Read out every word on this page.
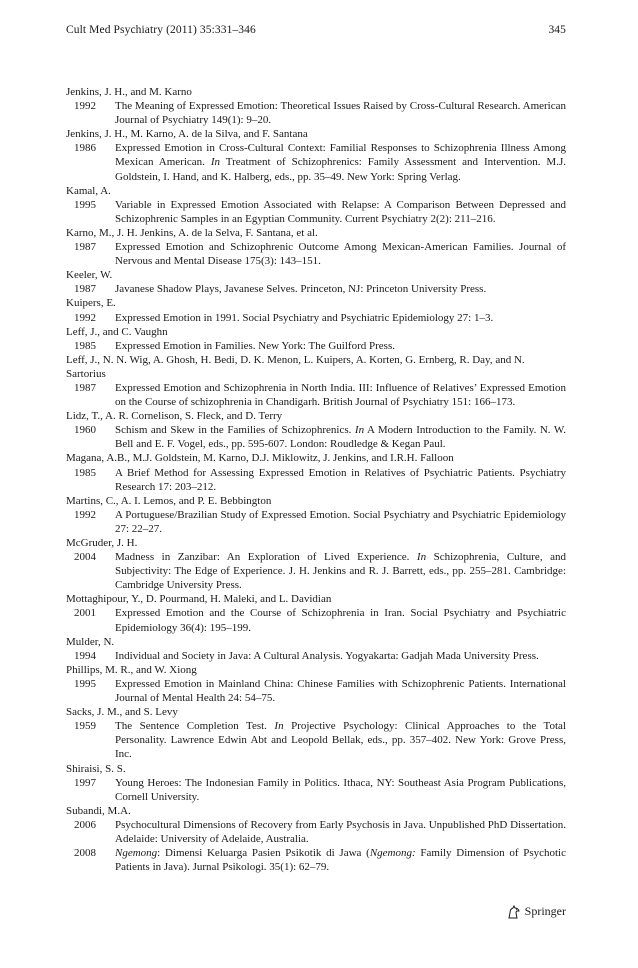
Cult Med Psychiatry (2011) 35:331–346	345
Jenkins, J. H., and M. Karno
1992 The Meaning of Expressed Emotion: Theoretical Issues Raised by Cross-Cultural Research. American Journal of Psychiatry 149(1): 9–20.
Jenkins, J. H., M. Karno, A. de la Silva, and F. Santana
1986 Expressed Emotion in Cross-Cultural Context: Familial Responses to Schizophrenia Illness Among Mexican American. In Treatment of Schizophrenics: Family Assessment and Intervention. M.J. Goldstein, I. Hand, and K. Halberg, eds., pp. 35–49. New York: Spring Verlag.
Kamal, A.
1995 Variable in Expressed Emotion Associated with Relapse: A Comparison Between Depressed and Schizophrenic Samples in an Egyptian Community. Current Psychiatry 2(2): 211–216.
Karno, M., J. H. Jenkins, A. de la Selva, F. Santana, et al.
1987 Expressed Emotion and Schizophrenic Outcome Among Mexican-American Families. Journal of Nervous and Mental Disease 175(3): 143–151.
Keeler, W.
1987 Javanese Shadow Plays, Javanese Selves. Princeton, NJ: Princeton University Press.
Kuipers, E.
1992 Expressed Emotion in 1991. Social Psychiatry and Psychiatric Epidemiology 27: 1–3.
Leff, J., and C. Vaughn
1985 Expressed Emotion in Families. New York: The Guilford Press.
Leff, J., N. N. Wig, A. Ghosh, H. Bedi, D. K. Menon, L. Kuipers, A. Korten, G. Ernberg, R. Day, and N. Sartorius
1987 Expressed Emotion and Schizophrenia in North India. III: Influence of Relatives’ Expressed Emotion on the Course of schizophrenia in Chandigarh. British Journal of Psychiatry 151: 166–173.
Lidz, T., A. R. Cornelison, S. Fleck, and D. Terry
1960 Schism and Skew in the Families of Schizophrenics. In A Modern Introduction to the Family. N. W. Bell and E. F. Vogel, eds., pp. 595-607. London: Roudledge & Kegan Paul.
Magana, A.B., M.J. Goldstein, M. Karno, D.J. Miklowitz, J. Jenkins, and I.R.H. Falloon
1985 A Brief Method for Assessing Expressed Emotion in Relatives of Psychiatric Patients. Psychiatry Research 17: 203–212.
Martins, C., A. I. Lemos, and P. E. Bebbington
1992 A Portuguese/Brazilian Study of Expressed Emotion. Social Psychiatry and Psychiatric Epidemiology 27: 22–27.
McGruder, J. H.
2004 Madness in Zanzibar: An Exploration of Lived Experience. In Schizophrenia, Culture, and Subjectivity: The Edge of Experience. J. H. Jenkins and R. J. Barrett, eds., pp. 255–281. Cambridge: Cambridge University Press.
Mottaghipour, Y., D. Pourmand, H. Maleki, and L. Davidian
2001 Expressed Emotion and the Course of Schizophrenia in Iran. Social Psychiatry and Psychiatric Epidemiology 36(4): 195–199.
Mulder, N.
1994 Individual and Society in Java: A Cultural Analysis. Yogyakarta: Gadjah Mada University Press.
Phillips, M. R., and W. Xiong
1995 Expressed Emotion in Mainland China: Chinese Families with Schizophrenic Patients. International Journal of Mental Health 24: 54–75.
Sacks, J. M., and S. Levy
1959 The Sentence Completion Test. In Projective Psychology: Clinical Approaches to the Total Personality. Lawrence Edwin Abt and Leopold Bellak, eds., pp. 357–402. New York: Grove Press, Inc.
Shiraisi, S. S.
1997 Young Heroes: The Indonesian Family in Politics. Ithaca, NY: Southeast Asia Program Publications, Cornell University.
Subandi, M.A.
2006 Psychocultural Dimensions of Recovery from Early Psychosis in Java. Unpublished PhD Dissertation. Adelaide: University of Adelaide, Australia.
2008 Ngemong: Dimensi Keluarga Pasien Psikotik di Jawa (Ngemong: Family Dimension of Psychotic Patients in Java). Jurnal Psikologi. 35(1): 62–79.
Springer
